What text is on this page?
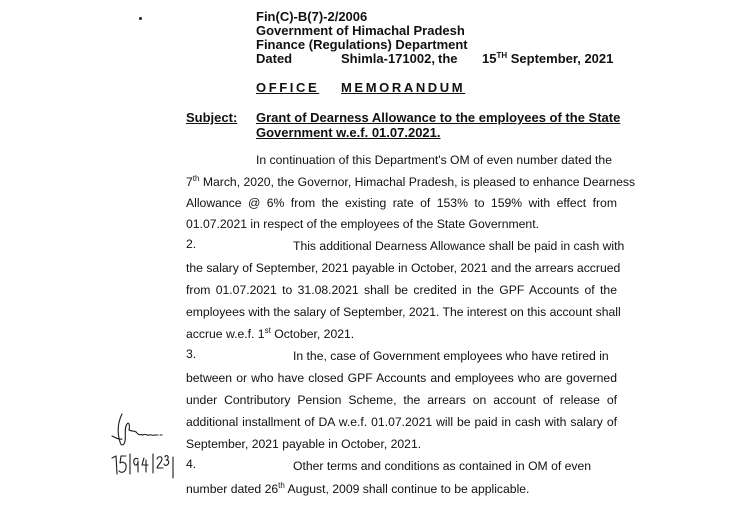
Fin(C)-B(7)-2/2006
Government of Himachal Pradesh
Finance (Regulations) Department
Dated	Shimla-171002, the 15TH September, 2021
OFFICE MEMORANDUM
Subject: Grant of Dearness Allowance to the employees of the State
Government w.e.f. 01.07.2021.
In continuation of this Department's OM of even number dated the
7th March, 2020, the Governor, Himachal Pradesh, is pleased to enhance Dearness
Allowance @ 6% from the existing rate of 153% to 159% with effect from
01.07.2021 in respect of the employees of the State Government.
2.	This additional Dearness Allowance shall be paid in cash with
the salary of September, 2021 payable in October, 2021 and the arrears accrued
from 01.07.2021 to 31.08.2021 shall be credited in the GPF Accounts of the
employees with the salary of September, 2021. The interest on this account shall
accrue w.e.f. 1st October, 2021.
3.	In the, case of Government employees who have retired in
between or who have closed GPF Accounts and employees who are governed
under Contributory Pension Scheme, the arrears on account of release of
additional installment of DA w.e.f. 01.07.2021 will be paid in cash with salary of
September, 2021 payable in October, 2021.
4.	Other terms and conditions as contained in OM of even
number dated 26th August, 2009 shall continue to be applicable.
